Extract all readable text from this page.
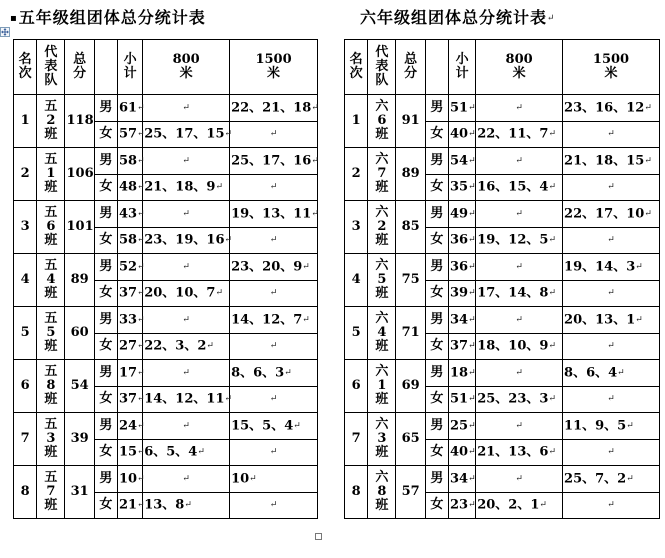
▪五年级组团体总分统计表	六年级组团体总分统计表↵
名
次	代
表
队	总
分		小
计	800
米	1500
米

1	五
2
班	118	男	61↵	↵	22、21、18↵
			女	57↵	25、17、15↵	↵
2	五
1
班	106	男	58↵	↵	25、17、16↵
			女	48↵	21、18、9↵	↵
3	五
6
班	101	男	43↵	↵	19、13、11↵
			女	58↵	23、19、16↵	↵
4	五
4
班	89	男	52↵	↵	23、20、9↵
			女	37↵	20、10、7↵	↵
5	五
5
班	60	男	33↵	↵	14、12、7↵
			女	27↵	22、3、2↵	↵
6	五
8
班	54	男	17↵	↵	8、6、3↵
			女	37↵	14、12、11↵	↵
7	五
3
班	39	男	24↵	↵	15、5、4↵
			女	15↵	6、5、4↵	↵
8	五
7
班	31	男	10↵	↵	10↵
			女	21↵	13、8↵	↵
名
次	代
表
队	总
分		小
计	800
米	1500
米

1	六
6
班	91	男	51↵	↵	23、16、12↵
			女	40↵	22、11、7↵	↵
2	六
7
班	89	男	54↵	↵	21、18、15↵
			女	35↵	16、15、4↵	↵
3	六
2
班	85	男	49↵	↵	22、17、10↵
			女	36↵	19、12、5↵	↵
4	六
5
班	75	男	36↵	↵	19、14、3↵
			女	39↵	17、14、8↵	↵
5	六
4
班	71	男	34↵	↵	20、13、1↵
			女	37↵	18、10、9↵	↵
6	六
1
班	69	男	18↵	↵	8、6、4↵
			女	51↵	25、23、3↵	↵
7	六
3
班	65	男	25↵	↵	11、9、5↵
			女	40↵	21、13、6↵	↵
8	六
8
班	57	男	34↵	↵	25、7、2↵
			女	23↵	20、2、1↵	↵
